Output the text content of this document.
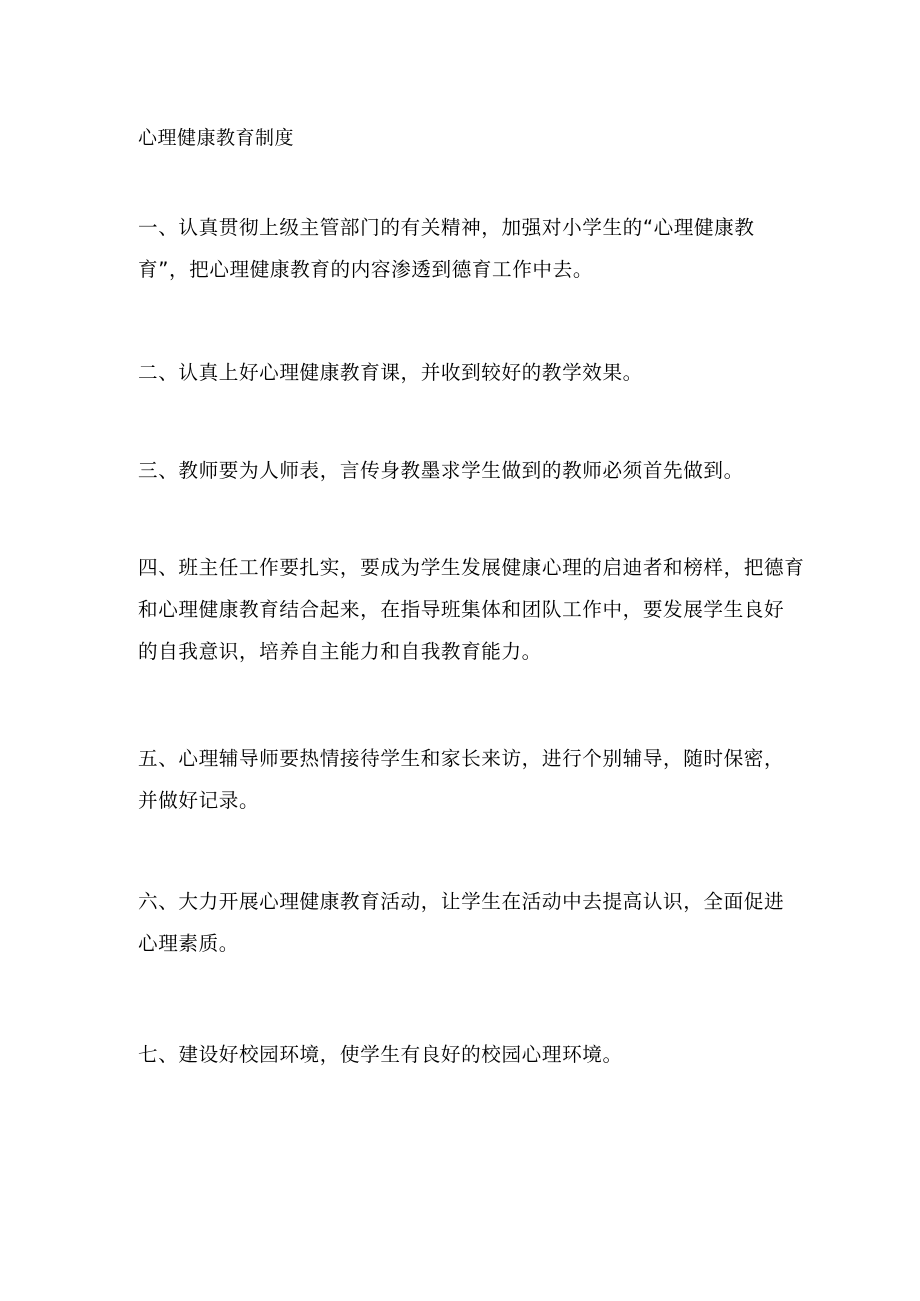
心理健康教育制度
一、认真贯彻上级主管部门的有关精神，加强对小学生的“心理健康教
育”，把心理健康教育的内容渗透到德育工作中去。
二、认真上好心理健康教育课，并收到较好的教学效果。
三、教师要为人师表，言传身教墨求学生做到的教师必须首先做到。
四、班主任工作要扎实，要成为学生发展健康心理的启迪者和榜样，把德育
和心理健康教育结合起来，在指导班集体和团队工作中，要发展学生良好
的自我意识，培养自主能力和自我教育能力。
五、心理辅导师要热情接待学生和家长来访，进行个别辅导，随时保密，
并做好记录。
六、大力开展心理健康教育活动，让学生在活动中去提高认识，全面促进
心理素质。
七、建设好校园环境，使学生有良好的校园心理环境。
